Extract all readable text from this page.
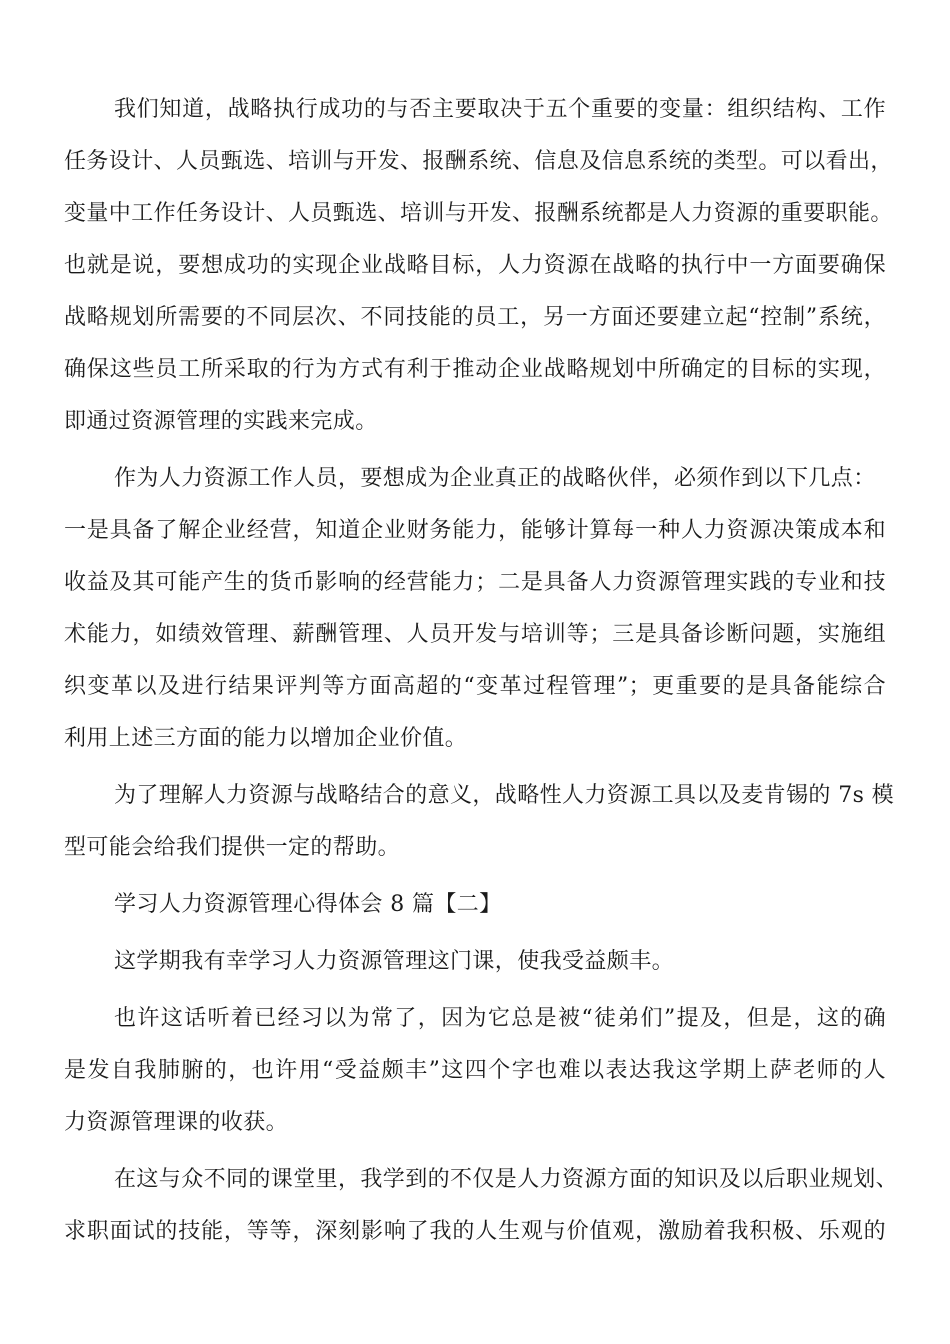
我们知道，战略执行成功的与否主要取决于五个重要的变量：组织结构、工作
任务设计、人员甄选、培训与开发、报酬系统、信息及信息系统的类型。可以看出，
变量中工作任务设计、人员甄选、培训与开发、报酬系统都是人力资源的重要职能。
也就是说，要想成功的实现企业战略目标，人力资源在战略的执行中一方面要确保
战略规划所需要的不同层次、不同技能的员工，另一方面还要建立起“控制”系统，
确保这些员工所采取的行为方式有利于推动企业战略规划中所确定的目标的实现，
即通过资源管理的实践来完成。
作为人力资源工作人员，要想成为企业真正的战略伙伴，必须作到以下几点：
一是具备了解企业经营，知道企业财务能力，能够计算每一种人力资源决策成本和
收益及其可能产生的货币影响的经营能力；二是具备人力资源管理实践的专业和技
术能力，如绩效管理、薪酬管理、人员开发与培训等；三是具备诊断问题，实施组
织变革以及进行结果评判等方面高超的“变革过程管理”；更重要的是具备能综合
利用上述三方面的能力以增加企业价值。
为了理解人力资源与战略结合的意义，战略性人力资源工具以及麦肯锡的 7s 模
型可能会给我们提供一定的帮助。
学习人力资源管理心得体会 8 篇【二】
这学期我有幸学习人力资源管理这门课，使我受益颇丰。
也许这话听着已经习以为常了，因为它总是被“徒弟们”提及，但是，这的确
是发自我肺腑的，也许用“受益颇丰”这四个字也难以表达我这学期上萨老师的人
力资源管理课的收获。
在这与众不同的课堂里，我学到的不仅是人力资源方面的知识及以后职业规划、
求职面试的技能，等等，深刻影响了我的人生观与价值观，激励着我积极、乐观的
